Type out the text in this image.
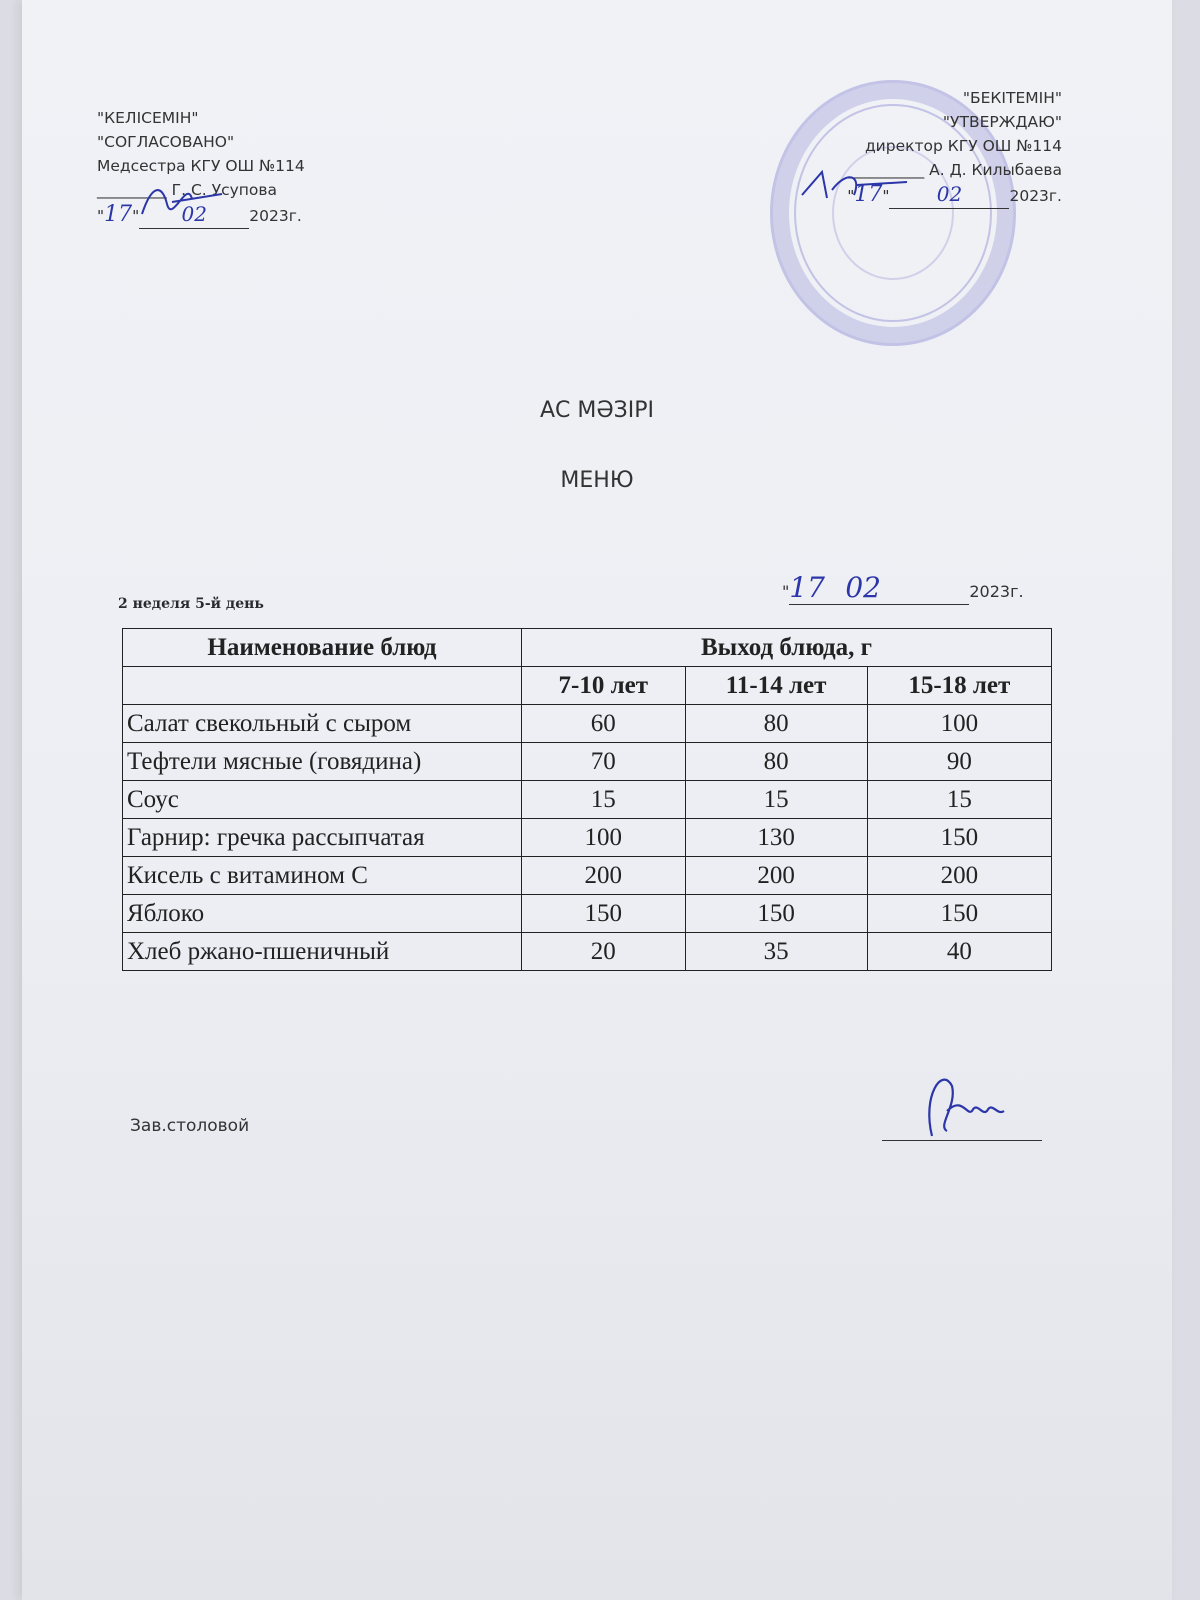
"КЕЛІСЕМІН"
"СОГЛАСОВАНО"
Медсестра КГУ ОШ №114
_________ Г. С. Усупова
"17" 02	2023г.
"БЕКІТЕМІН"
"УТВЕРЖДАЮ"
директор КГУ ОШ №114
__________ А. Д. Килыбаева
"17" 02	2023г.
АС МӘЗІРІ
МЕНЮ
2 неделя 5-й день
"17 02	2023г.
Наименование блюд	Выход блюда, г		
	7-10 лет	11-14 лет	15-18 лет
Салат свекольный с сыром	60	80	100
Тефтели мясные (говядина)	70	80	90
Соус	15	15	15
Гарнир: гречка рассыпчатая	100	130	150
Кисель с витамином С	200	200	200
Яблоко	150	150	150
Хлеб ржано-пшеничный	20	35	40
Зав.столовой
